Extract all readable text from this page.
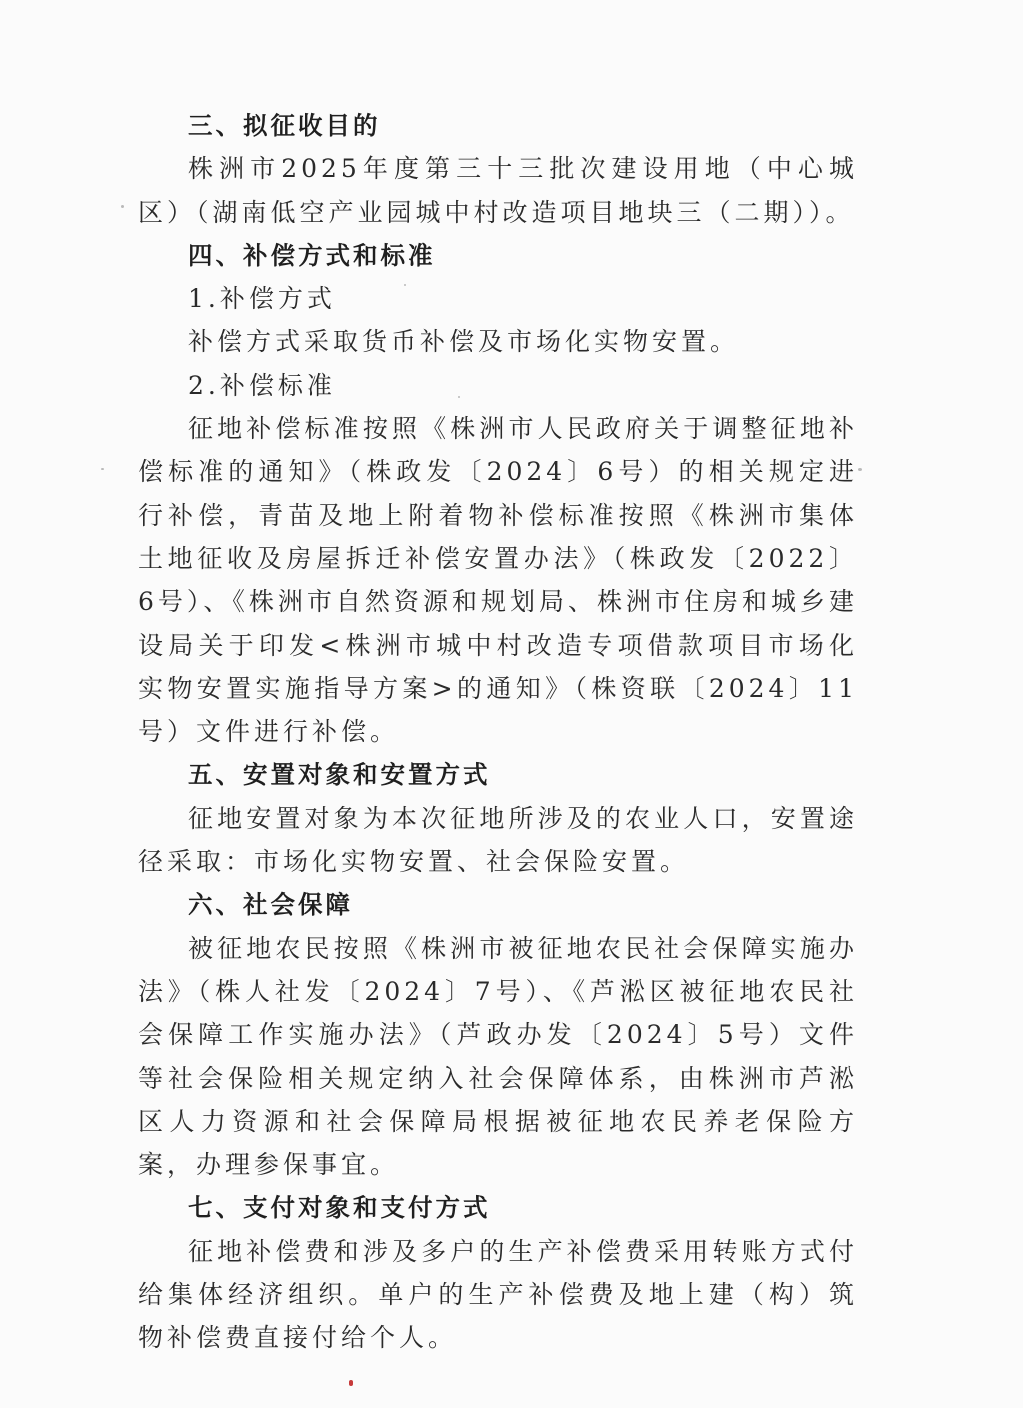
三、拟征收目的

株洲市2025年度第三十三批次建设用地（中心城区）（湖南低空产业园城中村改造项目地块三（二期））。

四、补偿方式和标准
1.补偿方式

补偿方式采取货币补偿及市场化实物安置。

2.补偿标准

征地补偿标准按照《株洲市人民政府关于调整征地补偿标准的通知》（株政发〔2024〕6号）的相关规定进行补偿，青苗及地上附着物补偿标准按照《株洲市集体土地征收及房屋拆迁补偿安置办法》（株政发〔2022〕6号）、《株洲市自然资源和规划局、株洲市住房和城乡建设局关于印发<株洲市城中村改造专项借款项目市场化实物安置实施指导方案>的通知》（株资联〔2024〕11号）文件进行补偿。

五、安置对象和安置方式

征地安置对象为本次征地所涉及的农业人口，安置途径采取：市场化实物安置、社会保险安置。

六、社会保障

被征地农民按照《株洲市被征地农民社会保障实施办法》（株人社发〔2024〕7号）、《芦淞区被征地农民社会保障工作实施办法》（芦政办发〔2024〕5号）文件等社会保险相关规定纳入社会保障体系，由株洲市芦淞区人力资源和社会保障局根据被征地农民养老保险方案，办理参保事宜。

七、支付对象和支付方式

征地补偿费和涉及多户的生产补偿费采用转账方式付给集体经济组织。单户的生产补偿费及地上建（构）筑物补偿费直接付给个人。
